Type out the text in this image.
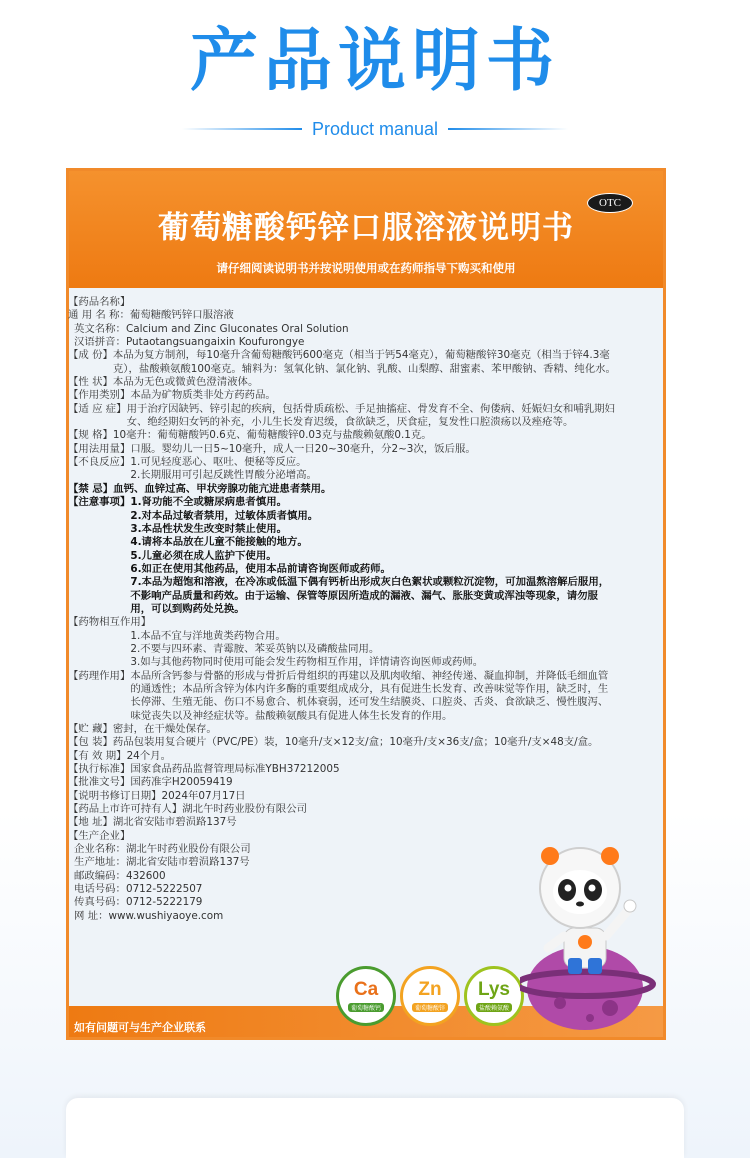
产品说明书
Product manual
葡萄糖酸钙锌口服溶液说明书
OTC
请仔细阅读说明书并按说明使用或在药师指导下购买和使用
如有问题可与生产企业联系
【药品名称】
通 用 名 称： 葡萄糖酸钙锌口服溶液
英文名称： Calcium and Zinc Gluconates Oral Solution
汉语拼音： Putaotangsuangaixin Koufurongye
【成 份】 本品为复方制剂，每10毫升含葡萄糖酸钙600毫克（相当于钙54毫克），葡萄糖酸锌30毫克（相当于锌4.3毫克），盐酸赖氨酸100毫克。辅料为：氢氧化钠、氯化钠、乳酸、山梨醇、甜蜜素、苯甲酸钠、香精、纯化水。
【性 状】 本品为无色或微黄色澄清液体。
【作用类别】 本品为矿物质类非处方药药品。
【适 应 症】 用于治疗因缺钙、锌引起的疾病，包括骨质疏松、手足抽搐症、骨发育不全、佝偻病、妊娠妇女和哺乳期妇女、绝经期妇女钙的补充，小儿生长发育迟缓，食欲缺乏，厌食症，复发性口腔溃疡以及痤疮等。
【规 格】 10毫升：葡萄糖酸钙0.6克、葡萄糖酸锌0.03克与盐酸赖氨酸0.1克。
【用法用量】 口服。婴幼儿一日5~10毫升，成人一日20~30毫升，分2~3次，饭后服。
【不良反应】 1.可见轻度恶心、呕吐、便秘等反应。
2.长期服用可引起反跳性胃酸分泌增高。
【禁 忌】 血钙、血锌过高、甲状旁腺功能亢进患者禁用。
【注意事项】 1.肾功能不全或糖尿病患者慎用。
2.对本品过敏者禁用，过敏体质者慎用。
3.本品性状发生改变时禁止使用。
4.请将本品放在儿童不能接触的地方。
5.儿童必须在成人监护下使用。
6.如正在使用其他药品，使用本品前请咨询医师或药师。
7.本品为超饱和溶液，在冷冻或低温下偶有钙析出形成灰白色絮状或颗粒沉淀物，可加温熬溶解后服用，不影响产品质量和药效。由于运输、保管等原因所造成的漏液、漏气、胀胀变黄或浑浊等现象，请勿服用，可以到购药处兑换。
【药物相互作用】
1.本品不宜与洋地黄类药物合用。
2.不要与四环素、青霉胺、苯妥英钠以及磷酸盐同用。
3.如与其他药物同时使用可能会发生药物相互作用，详情请咨询医师或药师。
【药理作用】 本品所含钙参与骨骼的形成与骨折后骨组织的再建以及肌肉收缩、神经传递、凝血抑制，并降低毛细血管的通透性；本品所含锌为体内许多酶的重要组成成分，具有促进生长发育、改善味觉等作用，缺乏时，生长停滞、生殖无能、伤口不易愈合、机体衰弱，还可发生结膜炎、口腔炎、舌炎、食欲缺乏、慢性腹泻、味觉丧失以及神经症状等。盐酸赖氨酸具有促进人体生长发育的作用。
【贮 藏】 密封，在干燥处保存。
【包 装】 药品包装用复合硬片（PVC/PE）装，10毫升/支×12支/盒；10毫升/支×36支/盒；10毫升/支×48支/盒。
【有 效 期】 24个月。
【执行标准】 国家食品药品监督管理局标准YBH37212005
【批准文号】 国药准字H20059419
【说明书修订日期】 2024年07月17日
【药品上市许可持有人】 湖北午时药业股份有限公司
【地 址】 湖北省安陆市碧涢路137号
【生产企业】
企业名称： 湖北午时药业股份有限公司
生产地址： 湖北省安陆市碧涢路137号
邮政编码： 432600
电话号码： 0712-5222507
传真号码： 0712-5222179
网 址： www.wushiyaoye.com
Ca
葡萄糖酸钙
Zn
葡萄糖酸锌
Lys
盐酸赖氨酸
